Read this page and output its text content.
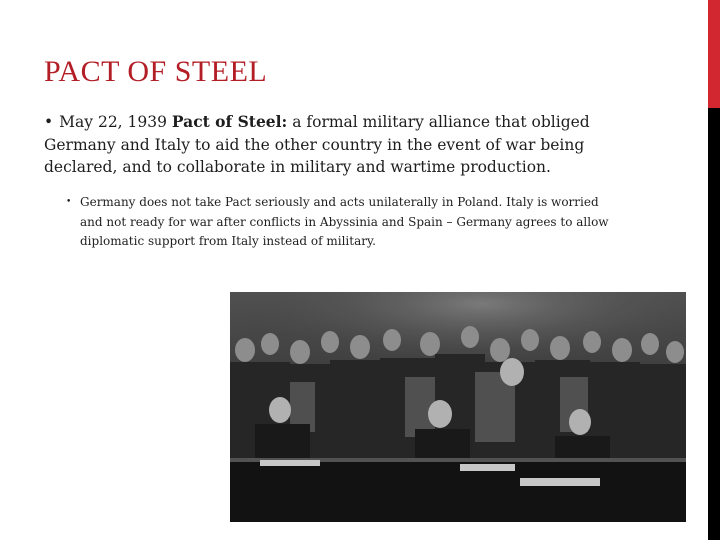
PACT OF STEEL
• May 22, 1939 Pact of Steel: a formal military alliance that obliged Germany and Italy to aid the other country in the event of war being declared, and to collaborate in military and wartime production.
• Germany does not take Pact seriously and acts unilaterally in Poland. Italy is worried and not ready for war after conflicts in Abyssinia and Spain – Germany agrees to allow diplomatic support from Italy instead of military.
